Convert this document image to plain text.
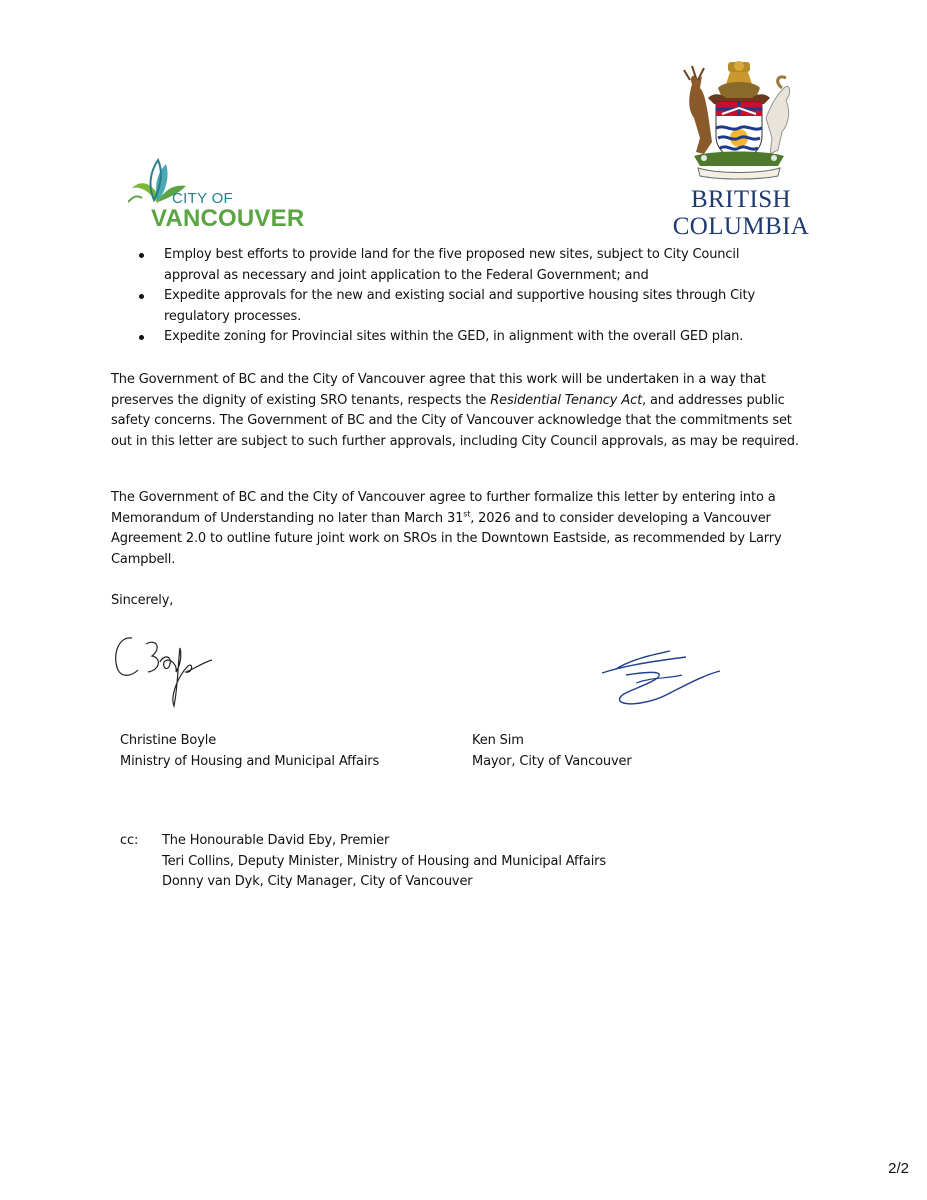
CITY OF
VANCOUVER
BRITISH
COLUMBIA
Employ best efforts to provide land for the five proposed new sites, subject to City Council approval as necessary and joint application to the Federal Government; and
Expedite approvals for the new and existing social and supportive housing sites through City regulatory processes.
Expedite zoning for Provincial sites within the GED, in alignment with the overall GED plan.
The Government of BC and the City of Vancouver agree that this work will be undertaken in a way that preserves the dignity of existing SRO tenants, respects the Residential Tenancy Act, and addresses public safety concerns. The Government of BC and the City of Vancouver acknowledge that the commitments set out in this letter are subject to such further approvals, including City Council approvals, as may be required.
The Government of BC and the City of Vancouver agree to further formalize this letter by entering into a Memorandum of Understanding no later than March 31st, 2026 and to consider developing a Vancouver Agreement 2.0 to outline future joint work on SROs in the Downtown Eastside, as recommended by Larry Campbell.
Sincerely,
Christine Boyle
Ministry of Housing and Municipal Affairs
Ken Sim
Mayor, City of Vancouver
cc: The Honourable David Eby, Premier
Teri Collins, Deputy Minister, Ministry of Housing and Municipal Affairs
Donny van Dyk, City Manager, City of Vancouver
2/2
